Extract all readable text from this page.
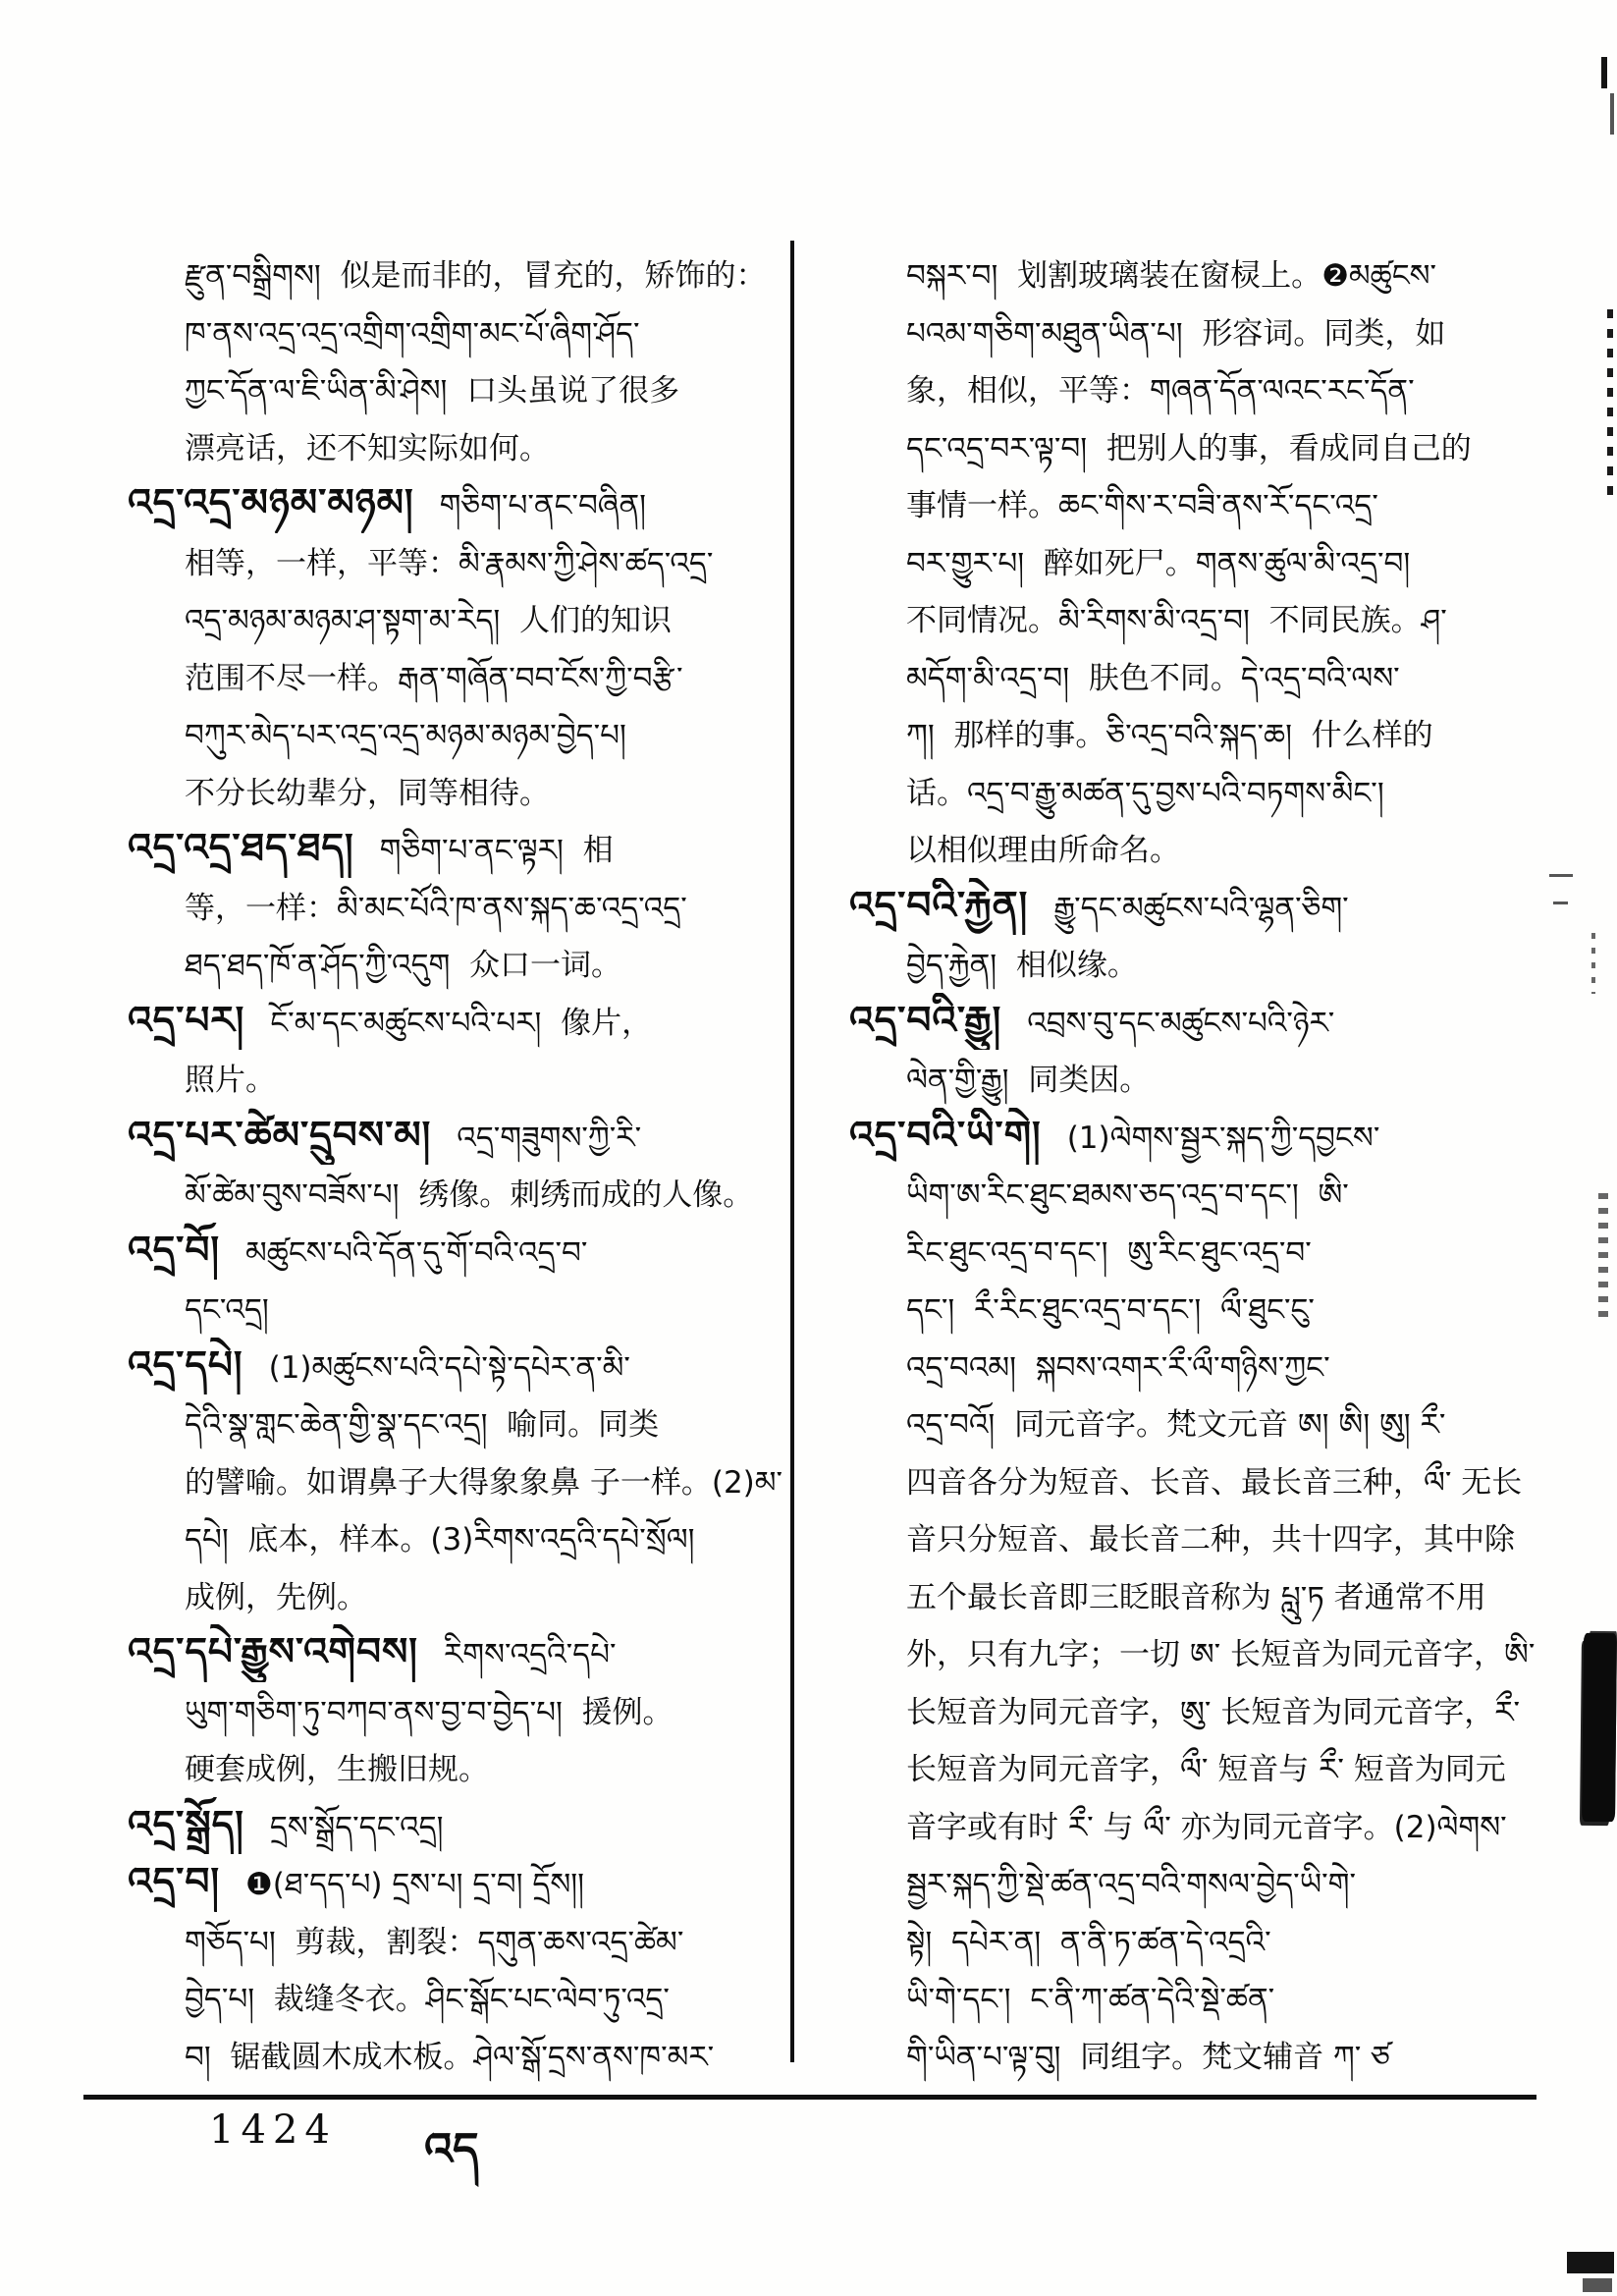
རྫུན་བསྒྲིགས།  似是而非的，冒充的，矫饰的：
ཁ་ནས་འདྲ་འདྲ་འགྲིག་འགྲིག་མང་པོ་ཞིག་ཤོད་
ཀྱང་དོན་ལ་ཇི་ཡིན་མི་ཤེས།  口头虽说了很多
漂亮话，还不知实际如何。
འདྲ་འདྲ་མཉམ་མཉམ། གཅིག་པ་ནང་བཞིན།
相等，一样，平等：མི་རྣམས་ཀྱི་ཤེས་ཚད་འདྲ་
འདྲ་མཉམ་མཉམ་ཤ་སྟག་མ་རེད།  人们的知识
范围不尽一样。རྒན་གཞོན་བབ་ངོས་ཀྱི་བརྩི་
བཀུར་མེད་པར་འདྲ་འདྲ་མཉམ་མཉམ་བྱེད་པ།
不分长幼辈分，同等相待。
འདྲ་འདྲ་ཐད་ཐད། གཅིག་པ་ནང་ལྟར།  相
等，一样：མི་མང་པོའི་ཁ་ནས་སྐད་ཆ་འདྲ་འདྲ་
ཐད་ཐད་ཁོ་ན་ཤོད་ཀྱི་འདུག  众口一词。
འདྲ་པར། ངོ་མ་དང་མཚུངས་པའི་པར།  像片，
照片。
འདྲ་པར་ཚེམ་དྲུབས་མ། འདྲ་གཟུགས་ཀྱི་རི་
མོ་ཚེམ་བུས་བཟོས་པ།  绣像。刺绣而成的人像。
འདྲ་བོ། མཚུངས་པའི་དོན་དུ་གོ་བའི་འདྲ་བ་
དང་འདྲ།
འདྲ་དཔེ། (1)མཚུངས་པའི་དཔེ་སྟེ་དཔེར་ན་མི་
དེའི་སྣ་གླང་ཆེན་གྱི་སྣ་དང་འདྲ།  喻同。同类
的譬喻。如谓鼻子大得象象鼻 子一样。(2)མ་
དཔེ།  底本，样本。(3)རིགས་འདྲའི་དཔེ་སྲོལ།
成例，先例。
འདྲ་དཔེ་རྒྱུས་འགེབས། རིགས་འདྲའི་དཔེ་
ཡུག་གཅིག་ཏུ་བཀབ་ནས་བྱ་བ་བྱེད་པ།  援例。
硬套成例，生搬旧规。
འདྲ་སྒྲོད། དྲས་སྒྲོད་དང་འདྲ།
འདྲ་བ། ❶(ཐ་དད་པ) དྲས་པ། དྲ་བ། དྲོས།།
གཅོད་པ།  剪裁，割裂：དགུན་ཆས་འདྲ་ཚེམ་
བྱེད་པ།  裁缝冬衣。ཤིང་སྒོང་པང་ལེབ་ཏུ་འདྲ་
བ།  锯截圆木成木板。ཤེལ་སྒོ་དྲས་ནས་ཁ་མར་
བསྐར་བ།  划割玻璃装在窗棂上。❷མཚུངས་
པའམ་གཅིག་མཐུན་ཡིན་པ།  形容词。同类，如
象，相似，平等：གཞན་དོན་ལའང་རང་དོན་
དང་འདྲ་བར་ལྟ་བ།  把别人的事，看成同自己的
事情一样。ཆང་གིས་ར་བཟི་ནས་རོ་དང་འདྲ་
བར་གྱུར་པ།  醉如死尸。གནས་ཚུལ་མི་འདྲ་བ།
不同情况。མི་རིགས་མི་འདྲ་བ།  不同民族。ཤ་
མདོག་མི་འདྲ་བ།  肤色不同。དེ་འདྲ་བའི་ལས་
ཀ།  那样的事。ཅི་འདྲ་བའི་སྐད་ཆ།  什么样的
话。འདྲ་བ་རྒྱུ་མཚན་དུ་བྱས་པའི་བཏགས་མིང་།
以相似理由所命名。
འདྲ་བའི་རྐྱེན། རྒྱུ་དང་མཚུངས་པའི་ལྷན་ཅིག་
བྱེད་རྐྱེན།  相似缘。
འདྲ་བའི་རྒྱུ། འབྲས་བུ་དང་མཚུངས་པའི་ཉེར་
ལེན་གྱི་རྒྱུ།  同类因。
འདྲ་བའི་ཡི་གེ། (1)ལེགས་སྦྱར་སྐད་ཀྱི་དབྱངས་
ཡིག་ཨ་རིང་ཐུང་ཐམས་ཅད་འདྲ་བ་དང་།  ཨི་
རིང་ཐུང་འདྲ་བ་དང་།  ཨུ་རིང་ཐུང་འདྲ་བ་
དང་།  རྀ་རིང་ཐུང་འདྲ་བ་དང་།  ལྀ་ཐུང་ངུ་
འདྲ་བའམ།  སྐབས་འགར་རྀ་ལྀ་གཉིས་ཀྱང་
འདྲ་བའོ།  同元音字。梵文元音 ཨ། ཨི། ཨུ། རྀ་
四音各分为短音、长音、最长音三种，ལྀ་ 无长
音只分短音、最长音二种，共十四字，其中除
五个最长音即三眨眼音称为 པླུ་ཏ 者通常不用
外，只有九字；一切 ཨ་ 长短音为同元音字，ཨི་
长短音为同元音字，ཨུ་ 长短音为同元音字，རྀ་
长短音为同元音字，ལྀ་ 短音与 རྀ་ 短音为同元
音字或有时 རྀ་ 与 ལྀ་ 亦为同元音字。(2)ལེགས་
སྦྱར་སྐད་ཀྱི་སྡེ་ཚན་འདྲ་བའི་གསལ་བྱེད་ཡི་གེ་
སྟེ།  དཔེར་ན།  ན་ནི་ཏ་ཚན་དེ་འདྲའི་
ཡི་གེ་དང་།  ང་ནི་ཀ་ཚན་དེའི་སྡེ་ཚན་
གི་ཡིན་པ་ལྟ་བུ།  同组字。梵文辅音 ཀ་ ཙ
1424 འད
